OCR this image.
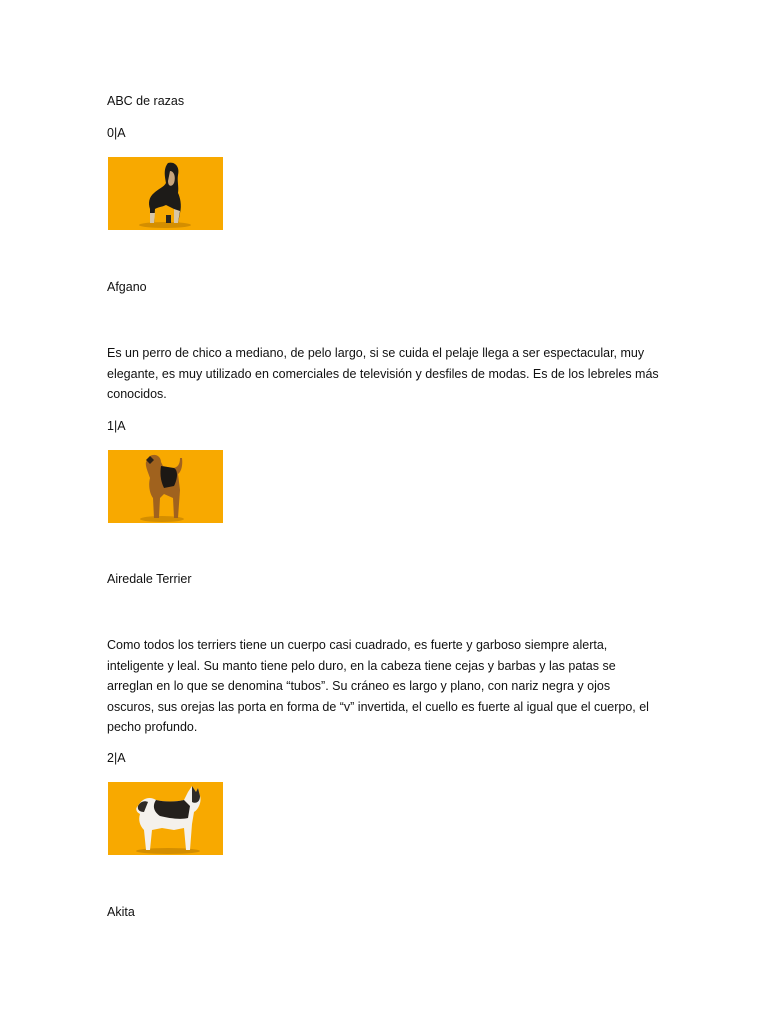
ABC de razas
0|A
Afgano
Es un perro de chico a mediano, de pelo largo, si se cuida el pelaje llega a ser espectacular, muy
elegante, es muy utilizado en comerciales de televisión y desfiles de modas. Es de los lebreles más
conocidos.
1|A
Airedale Terrier
Como todos los terriers tiene un cuerpo casi cuadrado, es fuerte y garboso siempre alerta,
inteligente y leal. Su manto tiene pelo duro, en la cabeza tiene cejas y barbas y las patas se
arreglan en lo que se denomina “tubos”. Su cráneo es largo y plano, con nariz negra y ojos
oscuros, sus orejas las porta en forma de “v” invertida, el cuello es fuerte al igual que el cuerpo, el
pecho profundo.
2|A
Akita
